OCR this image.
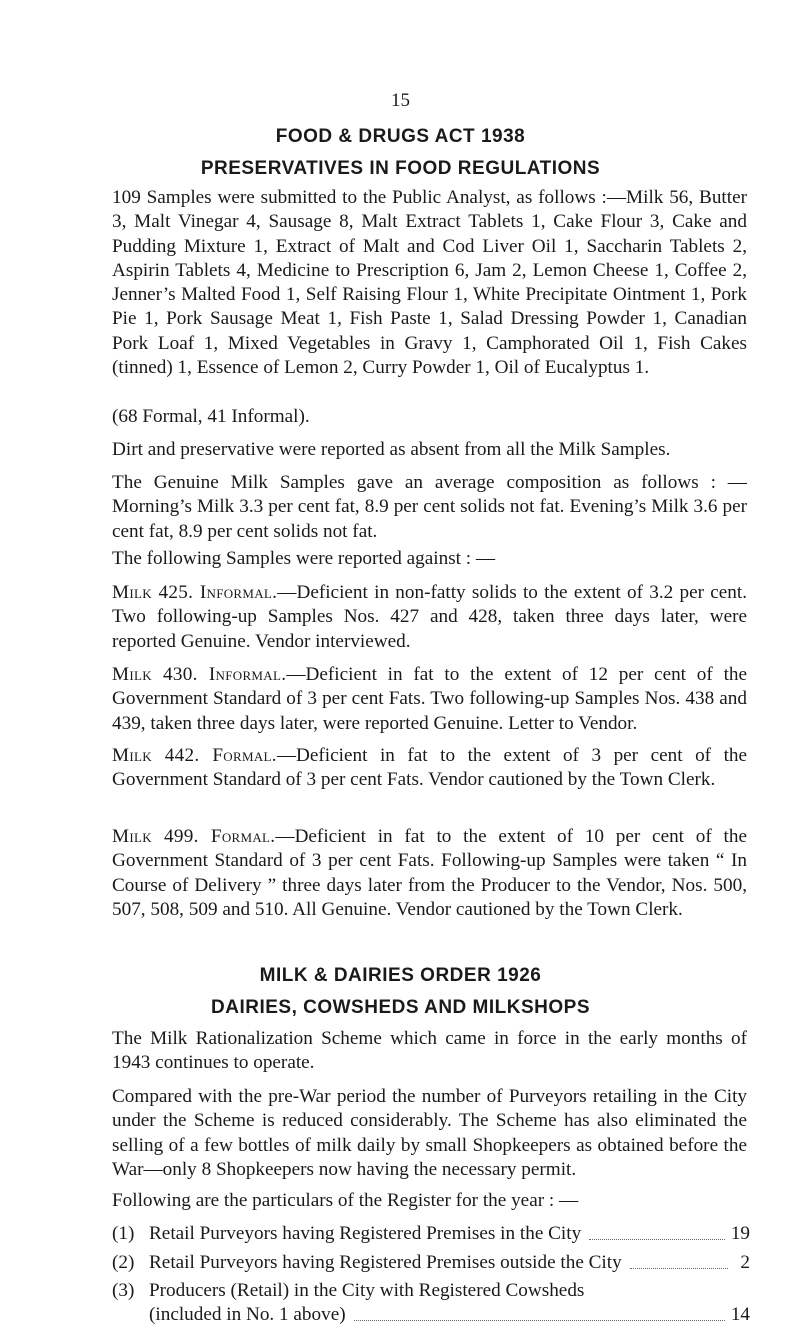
15
FOOD & DRUGS ACT 1938
PRESERVATIVES IN FOOD REGULATIONS
109 Samples were submitted to the Public Analyst, as follows :—Milk 56, Butter 3, Malt Vinegar 4, Sausage 8, Malt Extract Tablets 1, Cake Flour 3, Cake and Pudding Mixture 1, Extract of Malt and Cod Liver Oil 1, Saccharin Tablets 2, Aspirin Tablets 4, Medicine to Prescription 6, Jam 2, Lemon Cheese 1, Coffee 2, Jenner’s Malted Food 1, Self Raising Flour 1, White Precipitate Ointment 1, Pork Pie 1, Pork Sausage Meat 1, Fish Paste 1, Salad Dressing Powder 1, Canadian Pork Loaf 1, Mixed Vegetables in Gravy 1, Camphorated Oil 1, Fish Cakes (tinned) 1, Essence of Lemon 2, Curry Powder 1, Oil of Eucalyptus 1.
(68 Formal, 41 Informal).
Dirt and preservative were reported as absent from all the Milk Samples.
The Genuine Milk Samples gave an average composition as follows : — Morning’s Milk 3.3 per cent fat, 8.9 per cent solids not fat. Evening’s Milk 3.6 per cent fat, 8.9 per cent solids not fat.
The following Samples were reported against : —
Milk 425. Informal.—Deficient in non-fatty solids to the extent of 3.2 per cent. Two following-up Samples Nos. 427 and 428, taken three days later, were reported Genuine. Vendor interviewed.
Milk 430. Informal.—Deficient in fat to the extent of 12 per cent of the Government Standard of 3 per cent Fats. Two following-up Samples Nos. 438 and 439, taken three days later, were reported Genuine. Letter to Vendor.
Milk 442. Formal.—Deficient in fat to the extent of 3 per cent of the Government Standard of 3 per cent Fats. Vendor cautioned by the Town Clerk.
Milk 499. Formal.—Deficient in fat to the extent of 10 per cent of the Government Standard of 3 per cent Fats. Following-up Samples were taken “ In Course of Delivery ” three days later from the Producer to the Vendor, Nos. 500, 507, 508, 509 and 510. All Genuine. Vendor cautioned by the Town Clerk.
MILK & DAIRIES ORDER 1926
DAIRIES, COWSHEDS AND MILKSHOPS
The Milk Rationalization Scheme which came in force in the early months of 1943 continues to operate.
Compared with the pre-War period the number of Purveyors retailing in the City under the Scheme is reduced considerably. The Scheme has also eliminated the selling of a few bottles of milk daily by small Shopkeepers as obtained before the War—only 8 Shopkeepers now having the necessary permit.
Following are the particulars of the Register for the year : —
(1) Retail Purveyors having Registered Premises in the City	19
(2) Retail Purveyors having Registered Premises outside the City	2
(3) Producers (Retail) in the City with Registered Cowsheds
(included in No. 1 above)	14
